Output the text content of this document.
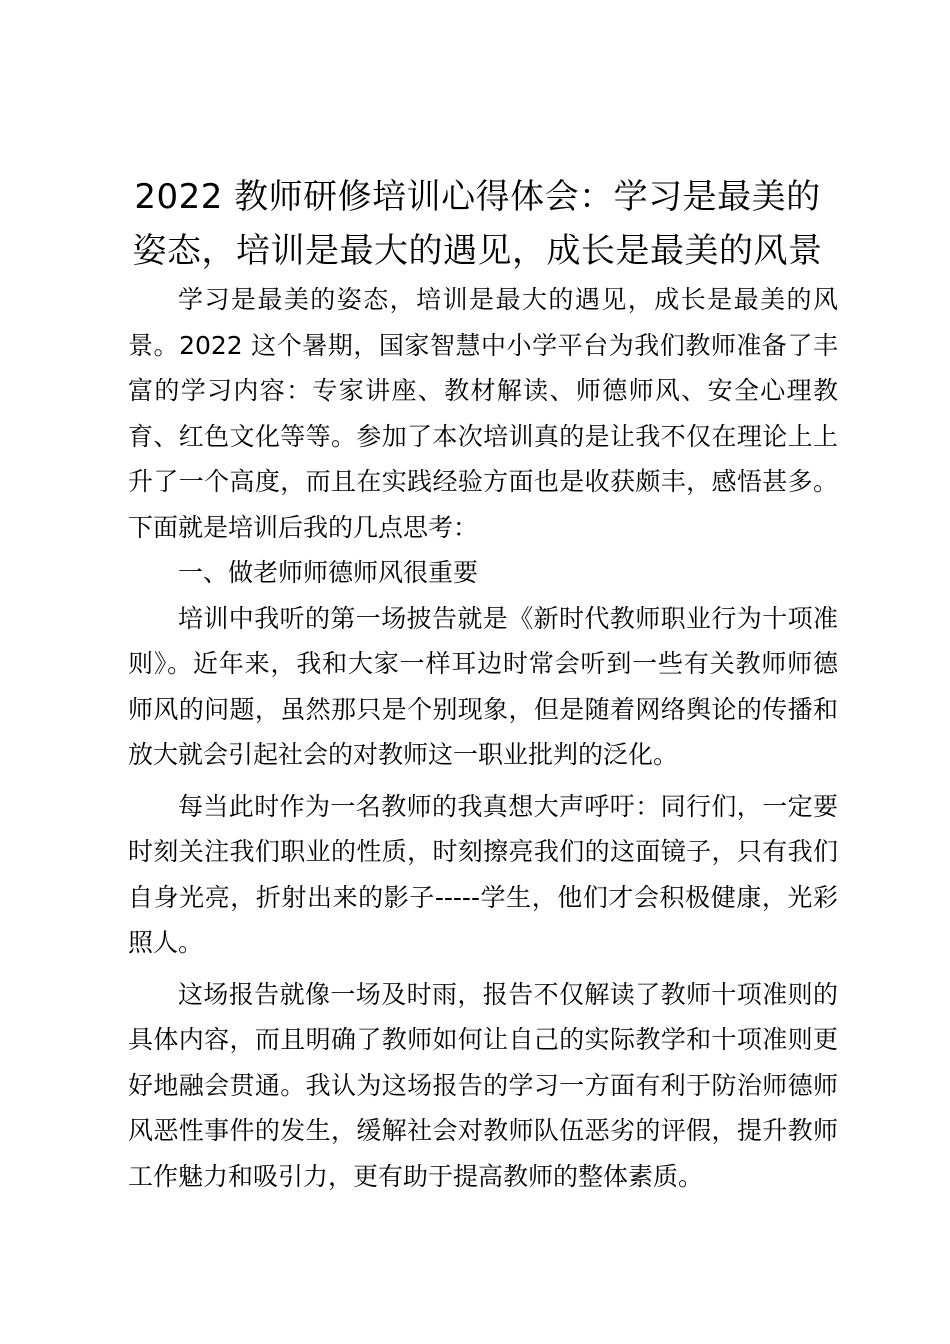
2022 教师研修培训心得体会：学习是最美的姿态，培训是最大的遇见，成长是最美的风景

学习是最美的姿态，培训是最大的遇见，成长是最美的风景。2022 这个暑期，国家智慧中小学平台为我们教师准备了丰富的学习内容：专家讲座、教材解读、师德师风、安全心理教育、红色文化等等。参加了本次培训真的是让我不仅在理论上上升了一个高度，而且在实践经验方面也是收获颇丰，感悟甚多。下面就是培训后我的几点思考：

一、做老师师德师风很重要

培训中我听的第一场披告就是《新时代教师职业行为十项准则》。近年来，我和大家一样耳边时常会听到一些有关教师师德师风的问题，虽然那只是个别现象，但是随着网络舆论的传播和放大就会引起社会的对教师这一职业批判的泛化。

每当此时作为一名教师的我真想大声呼吁：同行们，一定要时刻关注我们职业的性质，时刻擦亮我们的这面镜子，只有我们自身光亮，折射出来的影子-----学生，他们才会积极健康，光彩照人。

这场报告就像一场及时雨，报告不仅解读了教师十项准则的具体内容，而且明确了教师如何让自己的实际教学和十项准则更好地融会贯通。我认为这场报告的学习一方面有利于防治师德师风恶性事件的发生，缓解社会对教师队伍恶劣的评假，提升教师工作魅力和吸引力，更有助于提高教师的整体素质。
